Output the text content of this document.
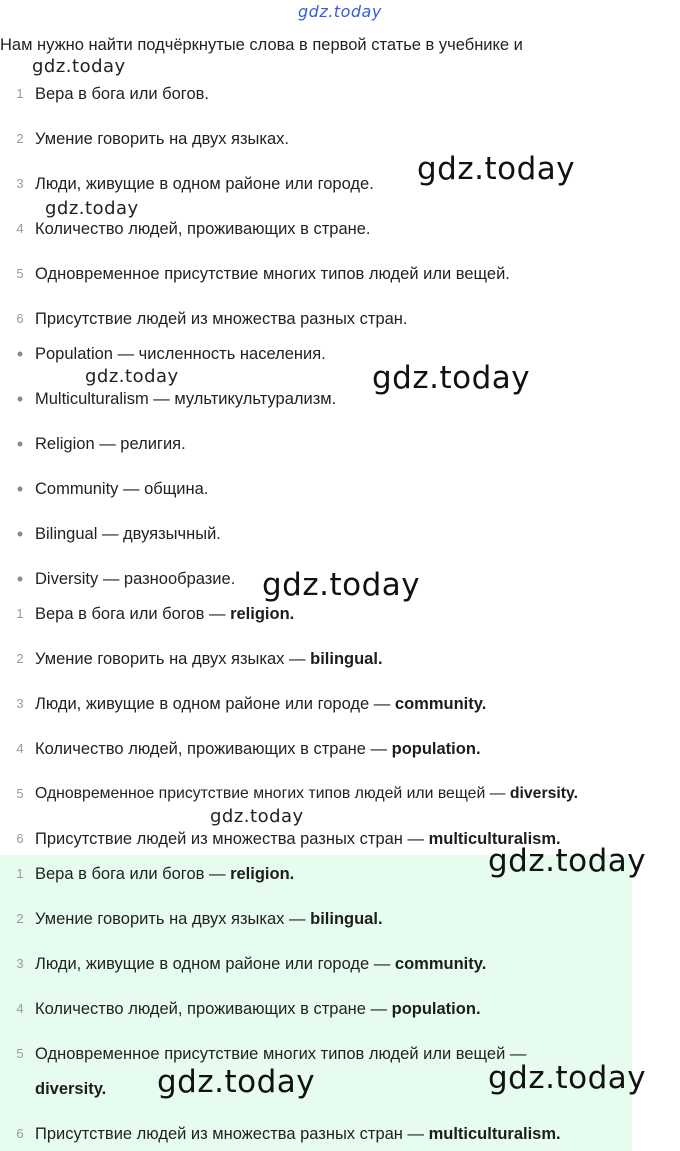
gdz.today
Нам нужно найти подчёркнутые слова в первой статье в учебнике и
1 Вера в бога или богов.
2 Умение говорить на двух языках.
3 Люди, живущие в одном районе или городе.
4 Количество людей, проживающих в стране.
5 Одновременное присутствие многих типов людей или вещей.
6 Присутствие людей из множества разных стран.
• Population — численность населения.
• Multiculturalism — мультикультурализм.
• Religion — религия.
• Community — община.
• Bilingual — двуязычный.
• Diversity — разнообразие.
1 Вера в бога или богов — religion.
2 Умение говорить на двух языках — bilingual.
3 Люди, живущие в одном районе или городе — community.
4 Количество людей, проживающих в стране — population.
5 Одновременное присутствие многих типов людей или вещей — diversity.
6 Присутствие людей из множества разных стран — multiculturalism.
1 Вера в бога или богов — religion.
2 Умение говорить на двух языках — bilingual.
3 Люди, живущие в одном районе или городе — community.
4 Количество людей, проживающих в стране — population.
5 Одновременное присутствие многих типов людей или вещей —
diversity.
6 Присутствие людей из множества разных стран — multiculturalism.
gdz.today
gdz.today
gdz.today
gdz.today	gdz.today
gdz.today
gdz.today
gdz.today
gdz.today	gdz.today
